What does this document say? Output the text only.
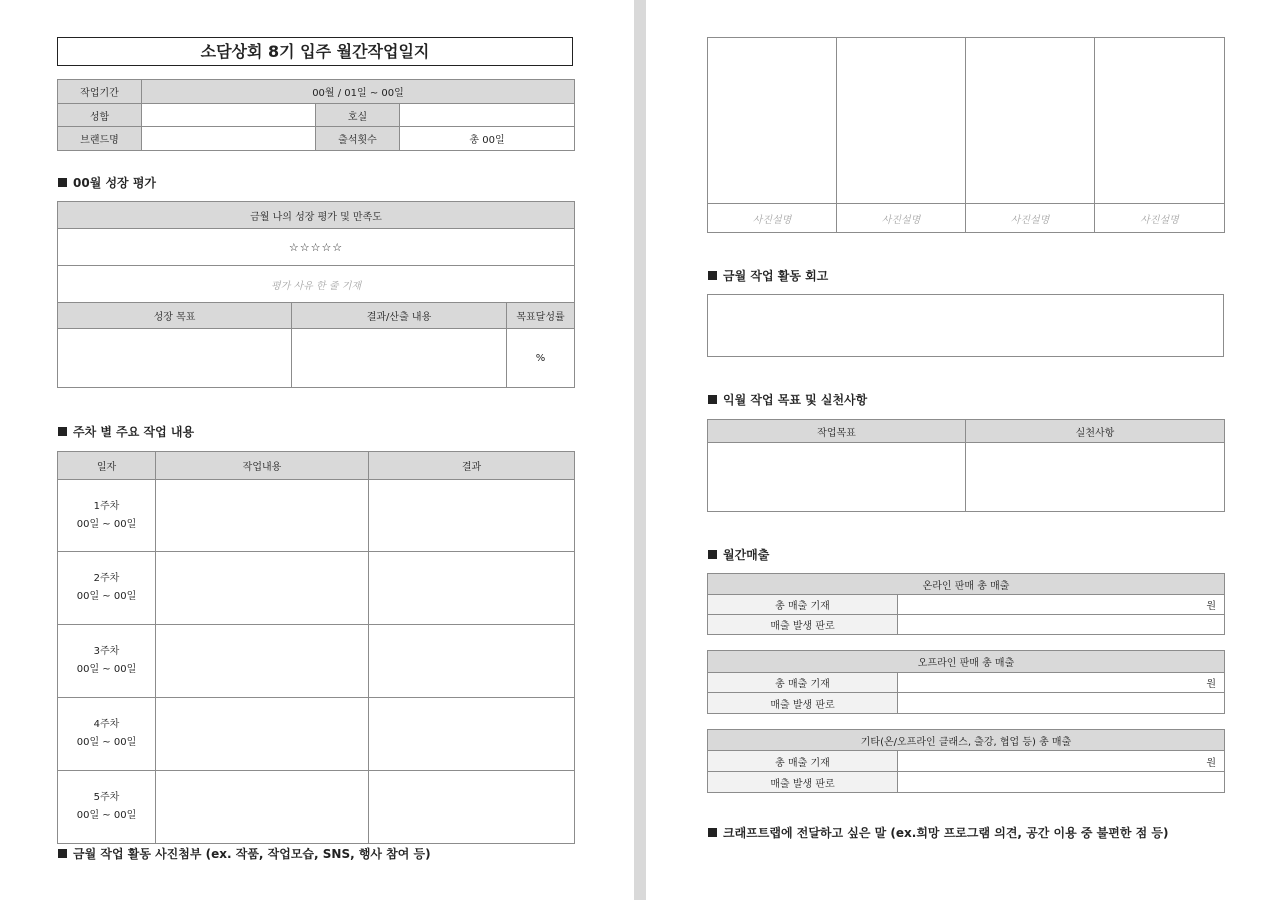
소담상회 8기 입주 월간작업일지
작업기간	00월 / 01일 ~ 00일		
성함		호실	
브랜드명		출석횟수	총 00일
00월 성장 평가
금월 나의 성장 평가 및 만족도		
☆☆☆☆☆		
평가 사유 한 줄 기재		
성장 목표	결과/산출 내용	목표달성률
		%
주차 별 주요 작업 내용
일자	작업내용	결과
1주차
00일 ~ 00일		
2주차
00일 ~ 00일		
3주차
00일 ~ 00일		
4주차
00일 ~ 00일		
5주차
00일 ~ 00일		
금월 작업 활동 사진첨부 (ex. 작품, 작업모습, SNS, 행사 참여 등)

사진설명	사진설명	사진설명	사진설명
금월 작업 활동 회고
익월 작업 목표 및 실천사항
작업목표	실천사항

월간매출
온라인 판매 총 매출	
총 매출 기재	원
매출 발생 판로	
오프라인 판매 총 매출	
총 매출 기재	원
매출 발생 판로	
기타(온/오프라인 클래스, 출강, 협업 등) 총 매출	
총 매출 기재	원
매출 발생 판로	
크래프트랩에 전달하고 싶은 말 (ex.희망 프로그램 의견, 공간 이용 중 불편한 점 등)
